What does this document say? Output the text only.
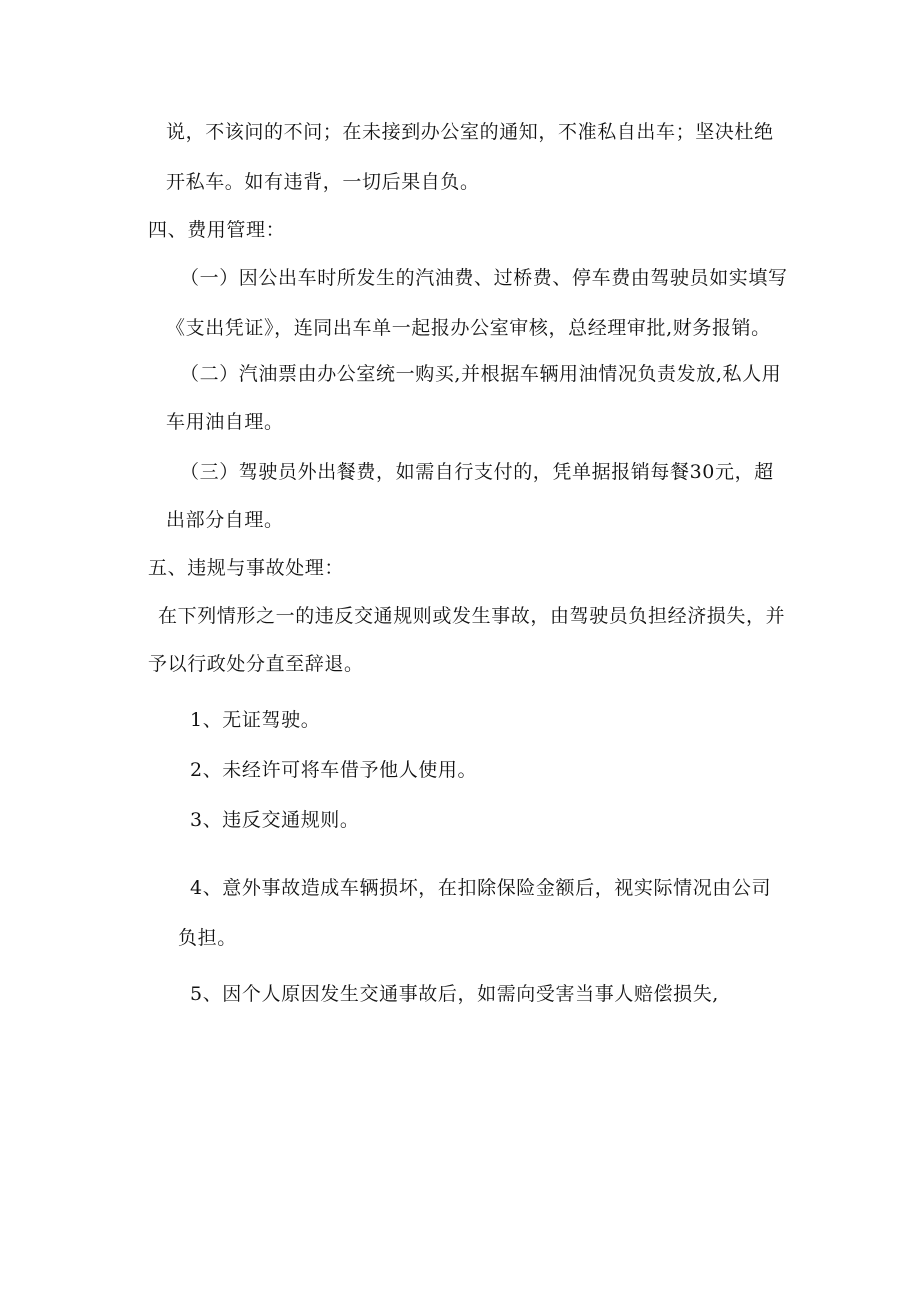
说，不该问的不问；在未接到办公室的通知，不准私自出车；坚决杜绝
开私车。如有违背，一切后果自负。
四、费用管理：
（一）因公出车时所发生的汽油费、过桥费、停车费由驾驶员如实填写
《支出凭证》，连同出车单一起报办公室审核，总经理审批,财务报销。
（二）汽油票由办公室统一购买,并根据车辆用油情况负责发放,私人用
车用油自理。
（三）驾驶员外出餐费，如需自行支付的，凭单据报销每餐30元，超
出部分自理。
五、违规与事故处理：
在下列情形之一的违反交通规则或发生事故，由驾驶员负担经济损失，并
予以行政处分直至辞退。
1、无证驾驶。
2、未经许可将车借予他人使用。
3、违反交通规则。
4、意外事故造成车辆损坏，在扣除保险金额后，视实际情况由公司
负担。
5、因个人原因发生交通事故后，如需向受害当事人赔偿损失,
